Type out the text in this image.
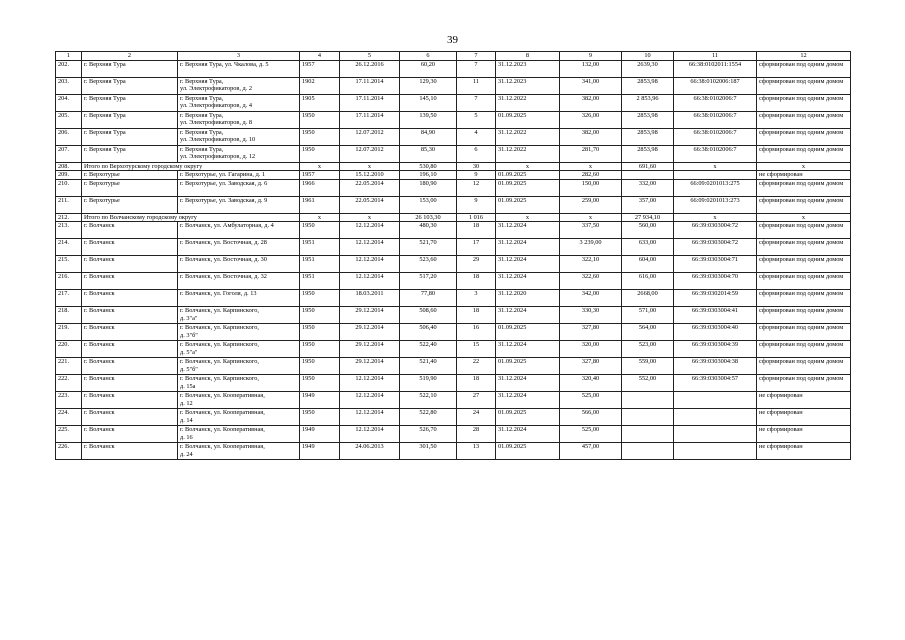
39
1	2	3	4	5	6	7	8	9	10	11	12
202.	г. Верхняя Тура	г. Верхняя Тура, ул. Чкалова, д. 5	1957	26.12.2016	60,20	7	31.12.2023	132,00	2639,30	66:38:0102011:1554	сформирован под одним домом
203.	г. Верхняя Тура	г. Верхняя Тура,
ул. Электрофикаторов, д. 2	1902	17.11.2014	129,30	11	31.12.2023	341,00	2853,98	66:38:0102006:187	сформирован под одним домом
204.	г. Верхняя Тура	г. Верхняя Тура,
ул. Электрофикаторов, д. 4	1905	17.11.2014	145,10	7	31.12.2022	382,00	2 853,96	66:38:0102006:7	сформирован под одним домом
205.	г. Верхняя Тура	г. Верхняя Тура,
ул. Электрофикаторов, д. 8	1950	17.11.2014	139,50	5	01.09.2025	326,00	2853,98	66:38:0102006:7	сформирован под одним домом
206.	г. Верхняя Тура	г. Верхняя Тура,
ул. Электрофикаторов, д. 10	1950	12.07.2012	84,90	4	31.12.2022	382,00	2853,98	66:38:0102006:7	сформирован под одним домом
207.	г. Верхняя Тура	г. Верхняя Тура,
ул. Электрофикаторов, д. 12	1950	12.07.2012	85,30	6	31.12.2022	281,70	2853,98	66:38:0102006:7	сформирован под одним домом
208.	Итого по Верхотурскому городскому округу		x	x	530,80	30	x	x	691,60	x	x
209.	г. Верхотурье	г. Верхотурье, ул. Гагарина, д. 1	1957	15.12.2010	196,10	9	01.09.2025	282,60			не сформирован
210.	г. Верхотурье	г. Верхотурье, ул. Заводская, д. 6	1966	22.05.2014	180,90	12	01.09.2025	150,00	332,00	66:09:0201013:275	сформирован под одним домом
211.	г. Верхотурье	г. Верхотурье, ул. Заводская, д. 9	1961	22.05.2014	153,00	9	01.09.2025	259,00	357,00	66:09:0201013:273	сформирован под одним домом
212.	Итого по Волчанскому городскому округу		x	x	26 103,30	1 016	x	x	27 934,10	x	x
213.	г. Волчанск	г. Волчанск, ул. Амбулаторная, д. 4	1950	12.12.2014	480,30	18	31.12.2024	337,50	560,00	66:39:0303004:72	сформирован под одним домом
214.	г. Волчанск	г. Волчанск, ул. Восточная, д. 28	1951	12.12.2014	521,70	17	31.12.2024	3 239,00	633,00	66:39:0303004:72	сформирован под одним домом
215.	г. Волчанск	г. Волчанск, ул. Восточная, д. 30	1951	12.12.2014	523,60	29	31.12.2024	322,10	604,00	66:39:0303004:71	сформирован под одним домом
216.	г. Волчанск	г. Волчанск, ул. Восточная, д. 32	1951	12.12.2014	517,20	18	31.12.2024	322,60	616,00	66:39:0303004:70	сформирован под одним домом
217.	г. Волчанск	г. Волчанск, ул. Гоголя, д. 13	1950	18.03.2011	77,80	3	31.12.2020	342,00	2668,00	66:39:0302014:59	сформирован под одним домом
218.	г. Волчанск	г. Волчанск, ул. Карпинского,
д. 3"а"	1950	29.12.2014	508,60	18	31.12.2024	330,30	571,00	66:39:0303004:41	сформирован под одним домом
219.	г. Волчанск	г. Волчанск, ул. Карпинского,
д. 3"б"	1950	29.12.2014	506,40	16	01.09.2025	327,80	564,00	66:39:0303004:40	сформирован под одним домом
220.	г. Волчанск	г. Волчанск, ул. Карпинского,
д. 5"а"	1950	29.12.2014	522,40	15	31.12.2024	320,00	523,00	66:39:0303004:39	сформирован под одним домом
221.	г. Волчанск	г. Волчанск, ул. Карпинского,
д. 5"б"	1950	29.12.2014	521,40	22	01.09.2025	327,80	559,00	66:39:0303004:38	сформирован под одним домом
222.	г. Волчанск	г. Волчанск, ул. Карпинского,
д. 15а	1950	12.12.2014	519,90	18	31.12.2024	320,40	552,00	66:39:0303004:57	сформирован под одним домом
223.	г. Волчанск	г. Волчанск, ул. Кооперативная,
д. 12	1949	12.12.2014	522,10	27	31.12.2024	525,00			не сформирован
224.	г. Волчанск	г. Волчанск, ул. Кооперативная,
д. 14	1950	12.12.2014	522,80	24	01.09.2025	566,00			не сформирован
225.	г. Волчанск	г. Волчанск, ул. Кооперативная,
д. 16	1949	12.12.2014	526,70	28	31.12.2024	525,00			не сформирован
226.	г. Волчанск	г. Волчанск, ул. Кооперативная,
д. 24	1949	24.06.2013	301,50	13	01.09.2025	457,00			не сформирован
